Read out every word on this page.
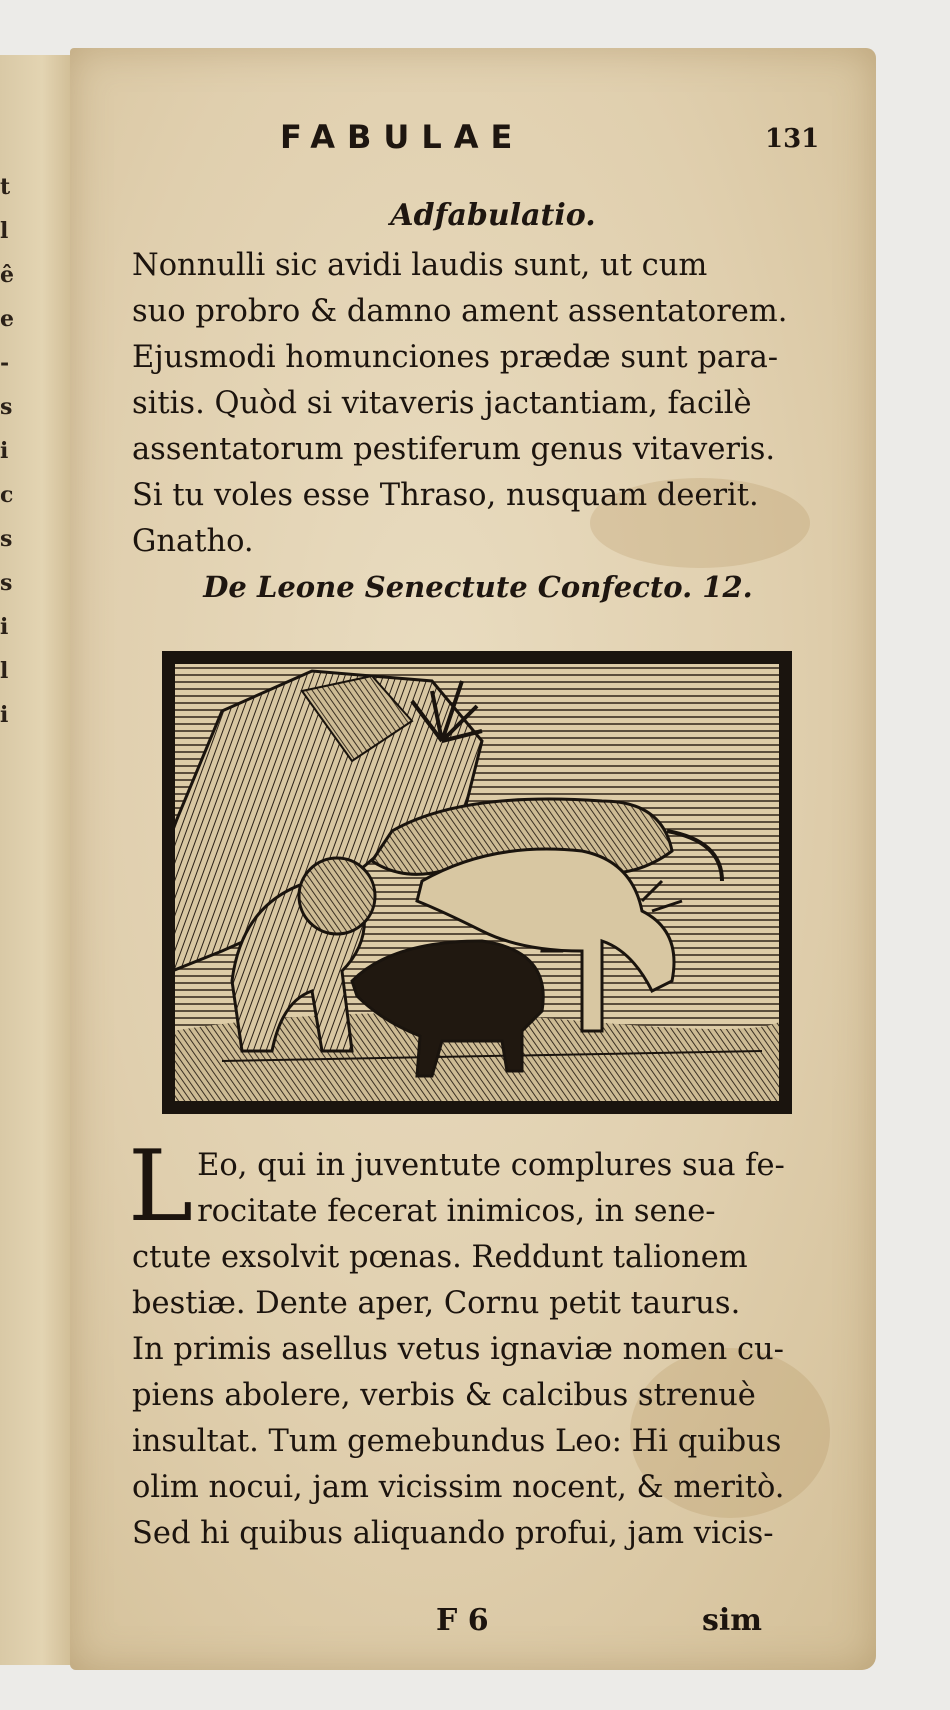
t
l
ê
e
-
s
i
c
s
s
i
l
i
FABULAE	131
Adfabulatio.
Nonnulli sic avidi laudis sunt, ut cum
suo probro & damno ament assentatorem.
Ejusmodi homunciones prædæ sunt para-
sitis. Quòd si vitaveris jactantiam, facilè
assentatorum pestiferum genus vitaveris.
Si tu voles esse Thraso, nusquam deerit.
Gnatho.
De Leone Senectute Confecto. 12.
L Eo, qui in juventute complures sua fe-
rocitate fecerat inimicos, in sene-
ctute exsolvit pœnas. Reddunt talionem
bestiæ. Dente aper, Cornu petit taurus.
In primis asellus vetus ignaviæ nomen cu-
piens abolere, verbis & calcibus strenuè
insultat. Tum gemebundus Leo: Hi quibus
olim nocui, jam vicissim nocent, & meritò.
Sed hi quibus aliquando profui, jam vicis-
F 6	sim
